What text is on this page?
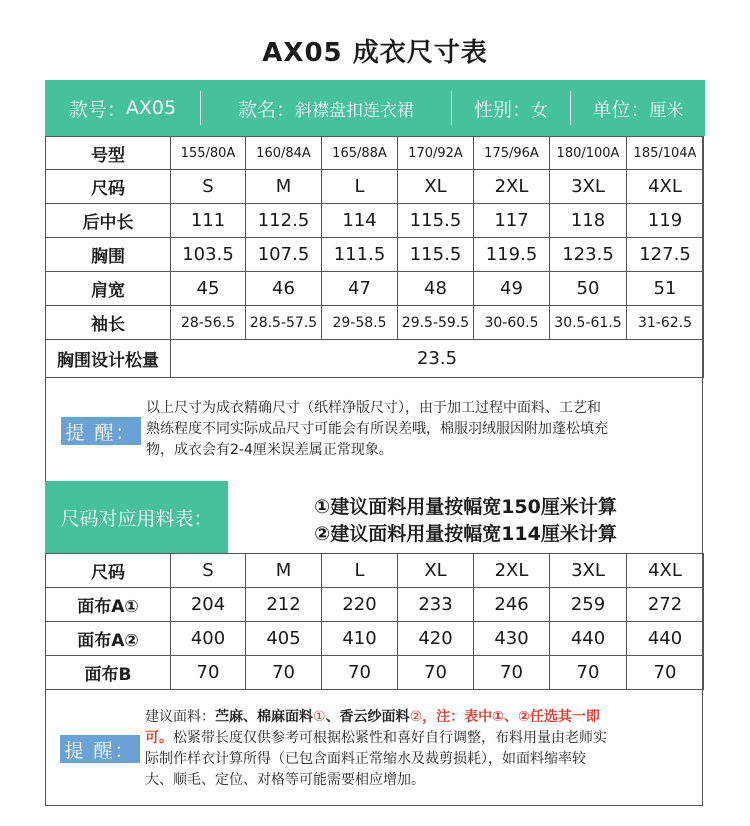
AX05 成衣尺寸表
款号： AX05	款名： 斜襟盘扣连衣裙	性别： 女 单位： 厘米
号型	155/80A	160/84A	165/88A	170/92A	175/96A	180/100A	185/104A
尺码	S	M	L	XL	2XL	3XL	4XL
后中长	111	112.5	114	115.5	117	118	119
胸围	103.5	107.5	111.5	115.5	119.5	123.5	127.5
肩宽	45	46	47	48	49	50	51
袖长	28-56.5	28.5-57.5	29-58.5	29.5-59.5	30-60.5	30.5-61.5	31-62.5
胸围设计松量	23.5						
提 醒：
以上尺寸为成衣精确尺寸（纸样净版尺寸），由于加工过程中面料、工艺和
熟练程度不同实际成品尺寸可能会有所误差哦，棉服羽绒服因附加蓬松填充
物，成衣会有2-4厘米误差属正常现象。
尺码对应用料表：
①建议面料用量按幅宽150厘米计算
②建议面料用量按幅宽114厘米计算
尺码	S	M	L	XL	2XL	3XL	4XL
面布A①	204	212	220	233	246	259	272
面布A②	400	405	410	420	430	440	440
面布B	70	70	70	70	70	70	70
提 醒：
建议面料：苎麻、棉麻面料①、香云纱面料②，注：表中①、②任选其一即
可。松紧带长度仅供参考可根据松紧性和喜好自行调整，布料用量由老师实
际制作样衣计算所得（已包含面料正常缩水及裁剪损耗），如面料缩率较
大、顺毛、定位、对格等可能需要相应增加。
